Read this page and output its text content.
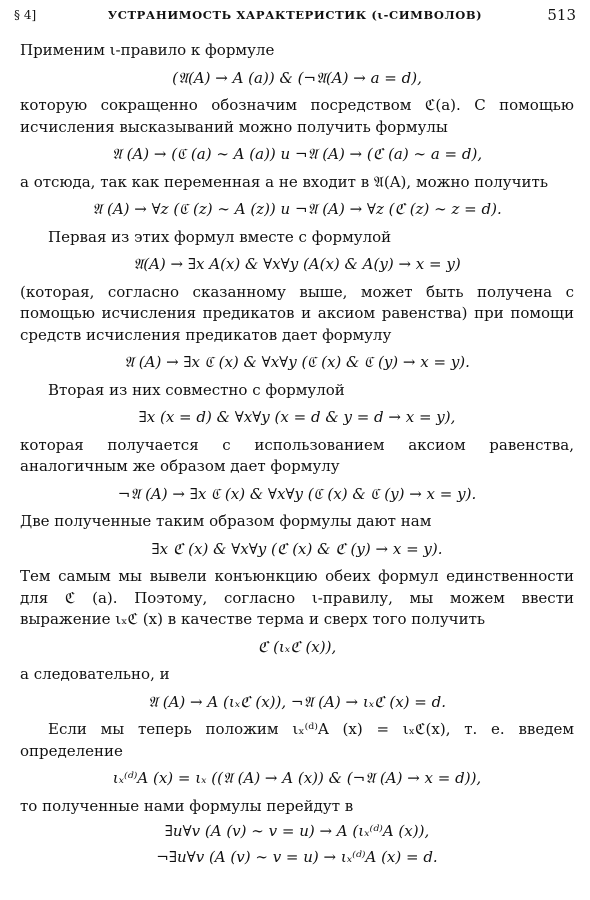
§ 4]	УСТРАНИМОСТЬ ХАРАКТЕРИСТИК (ι-СИМВОЛОВ)	513

Применим ι-правило к формуле

(𝔄(A) → A (a)) & (¬𝔄(A) → a = d),

которую сокращенно обозначим посредством ℭ(a). С помощью исчисления высказываний можно получить формулы

𝔄 (A) → (ℭ (a) ∼ A (a)) и ¬𝔄 (A) → (ℭ (a) ∼ a = d),

а отсюда, так как переменная a не входит в 𝔄(A), можно получить

𝔄 (A) → ∀z (ℭ (z) ∼ A (z)) и ¬𝔄 (A) → ∀z (ℭ (z) ∼ z = d).

Первая из этих формул вместе с формулой

𝔄(A) → ∃x A(x) & ∀x∀y (A(x) & A(y) → x = y)

(которая, согласно сказанному выше, может быть получена с помощью исчисления предикатов и аксиом равенства) при помощи средств исчисления предикатов дает формулу

𝔄 (A) → ∃x ℭ (x) & ∀x∀y (ℭ (x) & ℭ (y) → x = y).

Вторая из них совместно с формулой

∃x (x = d) & ∀x∀y (x = d & y = d → x = y),

которая получается с использованием аксиом равенства, аналогичным же образом дает формулу

¬𝔄 (A) → ∃x ℭ (x) & ∀x∀y (ℭ (x) & ℭ (y) → x = y).

Две полученные таким образом формулы дают нам

∃x ℭ (x) & ∀x∀y (ℭ (x) & ℭ (y) → x = y).

Тем самым мы вывели конъюнкцию обеих формул единственности для ℭ (a). Поэтому, согласно ι-правилу, мы можем ввести выражение ιₓℭ (x) в качестве терма и сверх того получить

ℭ (ιₓℭ (x)),

а следовательно, и

𝔄 (A) → A (ιₓℭ (x)), ¬𝔄 (A) → ιₓℭ (x) = d.

Если мы теперь положим ιₓ⁽ᵈ⁾A (x) = ιₓℭ(x), т. е. введем определение

ιₓ⁽ᵈ⁾A (x) = ιₓ ((𝔄 (A) → A (x)) & (¬𝔄 (A) → x = d)),

то полученные нами формулы перейдут в

∃u∀v (A (v) ∼ v = u) → A (ιₓ⁽ᵈ⁾A (x)),
¬∃u∀v (A (v) ∼ v = u) → ιₓ⁽ᵈ⁾A (x) = d.
